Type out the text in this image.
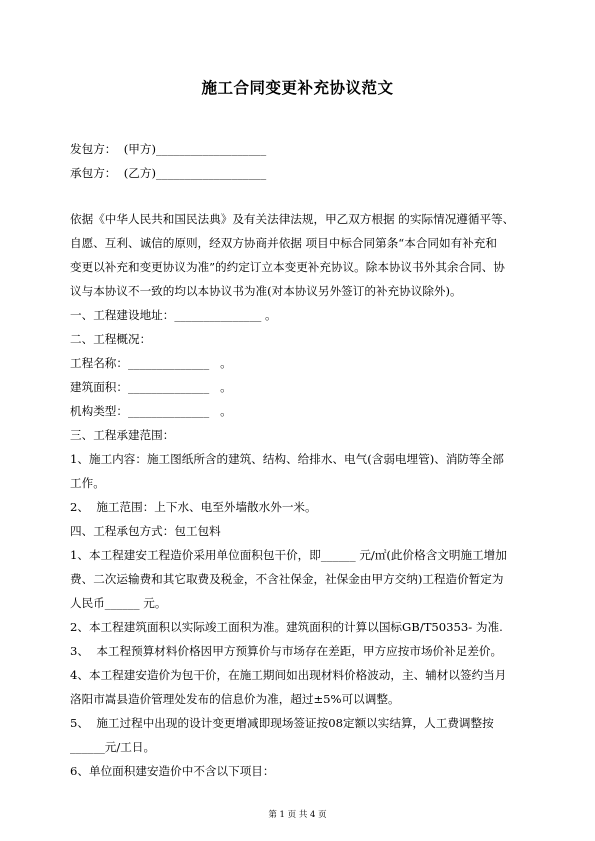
施工合同变更补充协议范文
发包方：  (甲方)___________________
承包方：  (乙方)___________________
依据《中华人民共和国民法典》及有关法律法规，甲乙双方根据 的实际情况遵循平等、
自愿、互利、诚信的原则，经双方协商并依据 项目中标合同第条“本合同如有补充和
变更以补充和变更协议为准”的约定订立本变更补充协议。除本协议书外其余合同、协
议与本协议不一致的均以本协议书为准(对本协议另外签订的补充协议除外)。
一、工程建设地址：_______________ 。
二、工程概况：
工程名称：______________   。
建筑面积：______________   。
机构类型：______________   。
三、工程承建范围：
1、施工内容：施工图纸所含的建筑、结构、给排水、电气(含弱电埋管)、消防等全部
工作。
2、  施工范围：上下水、电至外墙散水外一米。
四、工程承包方式：包工包料
1、本工程建安工程造价采用单位面积包干价，即______ 元/㎡(此价格含文明施工增加
费、二次运输费和其它取费及税金，不含社保金，社保金由甲方交纳)工程造价暂定为
人民币______ 元。
2、本工程建筑面积以实际竣工面积为准。建筑面积的计算以国标GB/T50353- 为准.
3、  本工程预算材料价格因甲方预算价与市场存在差距，甲方应按市场价补足差价。
4、本工程建安造价为包干价，在施工期间如出现材料价格波动，主、辅材以签约当月
洛阳市嵩县造价管理处发布的信息价为准，超过±5%可以调整。
5、  施工过程中出现的设计变更增减即现场签证按08定额以实结算，人工费调整按
______元/工日。
6、单位面积建安造价中不含以下项目：
第 1 页 共 4 页
